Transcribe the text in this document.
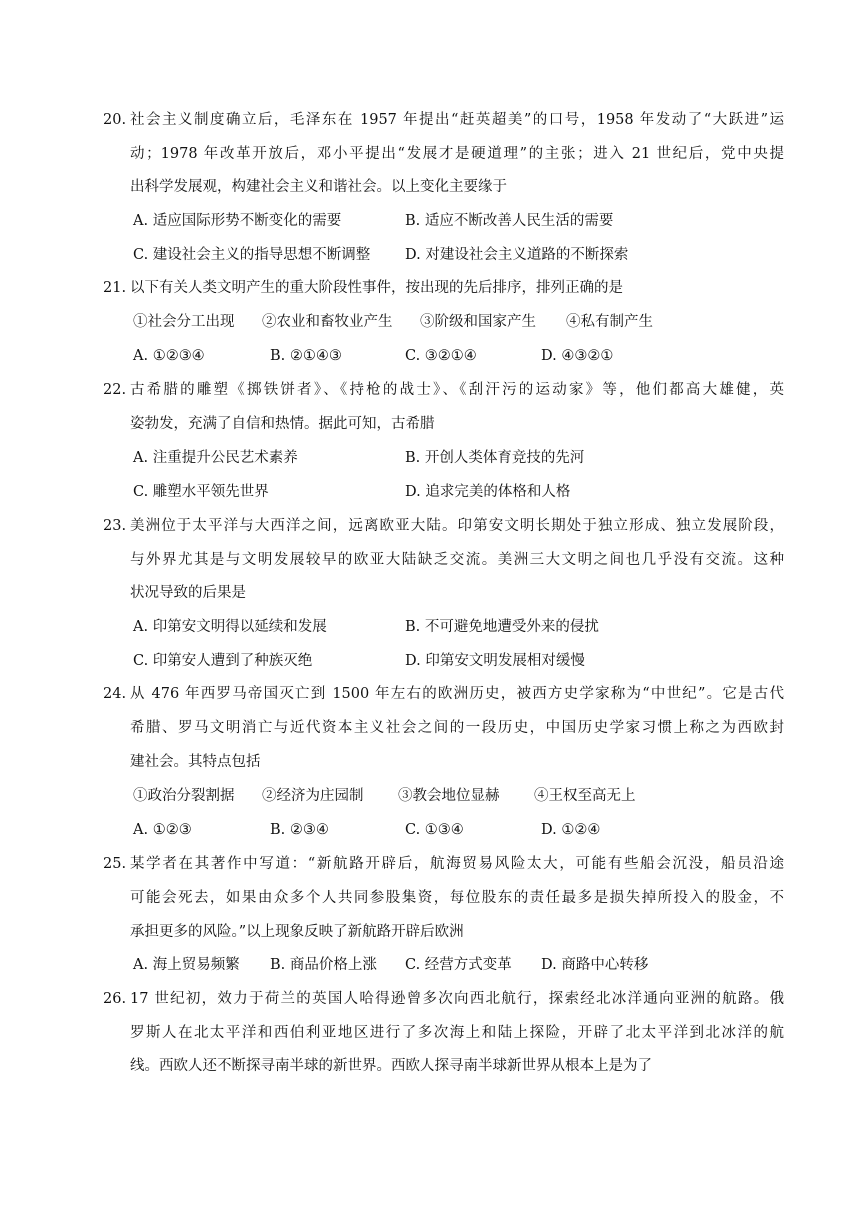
20. 社会主义制度确立后，毛泽东在 1957 年提出“赶英超美”的口号，1958 年发动了“大跃进”运
动；1978 年改革开放后，邓小平提出“发展才是硬道理”的主张；进入 21 世纪后，党中央提
出科学发展观，构建社会主义和谐社会。以上变化主要缘于
A. 适应国际形势不断变化的需要	B. 适应不断改善人民生活的需要
C. 建设社会主义的指导思想不断调整 D. 对建设社会主义道路的不断探索
21. 以下有关人类文明产生的重大阶段性事件，按出现的先后排序，排列正确的是
①社会分工出现 ②农业和畜牧业产生 ③阶级和国家产生 ④私有制产生
A. ①②③④	B. ②①④③	C. ③②①④	D. ④③②①
22. 古希腊的雕塑《掷铁饼者》、《持枪的战士》、《刮汗污的运动家》等，他们都高大雄健，英
姿勃发，充满了自信和热情。据此可知，古希腊
A. 注重提升公民艺术素养	B. 开创人类体育竞技的先河
C. 雕塑水平领先世界	D. 追求完美的体格和人格
23. 美洲位于太平洋与大西洋之间，远离欧亚大陆。印第安文明长期处于独立形成、独立发展阶段，
与外界尤其是与文明发展较早的欧亚大陆缺乏交流。美洲三大文明之间也几乎没有交流。这种
状况导致的后果是
A. 印第安文明得以延续和发展	B. 不可避免地遭受外来的侵扰
C. 印第安人遭到了种族灭绝	D. 印第安文明发展相对缓慢
24. 从 476 年西罗马帝国灭亡到 1500 年左右的欧洲历史，被西方史学家称为“中世纪”。它是古代
希腊、罗马文明消亡与近代资本主义社会之间的一段历史，中国历史学家习惯上称之为西欧封
建社会。其特点包括
①政治分裂割据 ②经济为庄园制 ③教会地位显赫 ④王权至高无上
A. ①②③	B. ②③④	C. ①③④	D. ①②④
25. 某学者在其著作中写道：“新航路开辟后，航海贸易风险太大，可能有些船会沉没，船员沿途
可能会死去，如果由众多个人共同参股集资，每位股东的责任最多是损失掉所投入的股金，不
承担更多的风险。”以上现象反映了新航路开辟后欧洲
A. 海上贸易频繁 B. 商品价格上涨 C. 经营方式变革 D. 商路中心转移
26. 17 世纪初，效力于荷兰的英国人哈得逊曾多次向西北航行，探索经北冰洋通向亚洲的航路。俄
罗斯人在北太平洋和西伯利亚地区进行了多次海上和陆上探险，开辟了北太平洋到北冰洋的航
线。西欧人还不断探寻南半球的新世界。西欧人探寻南半球新世界从根本上是为了
